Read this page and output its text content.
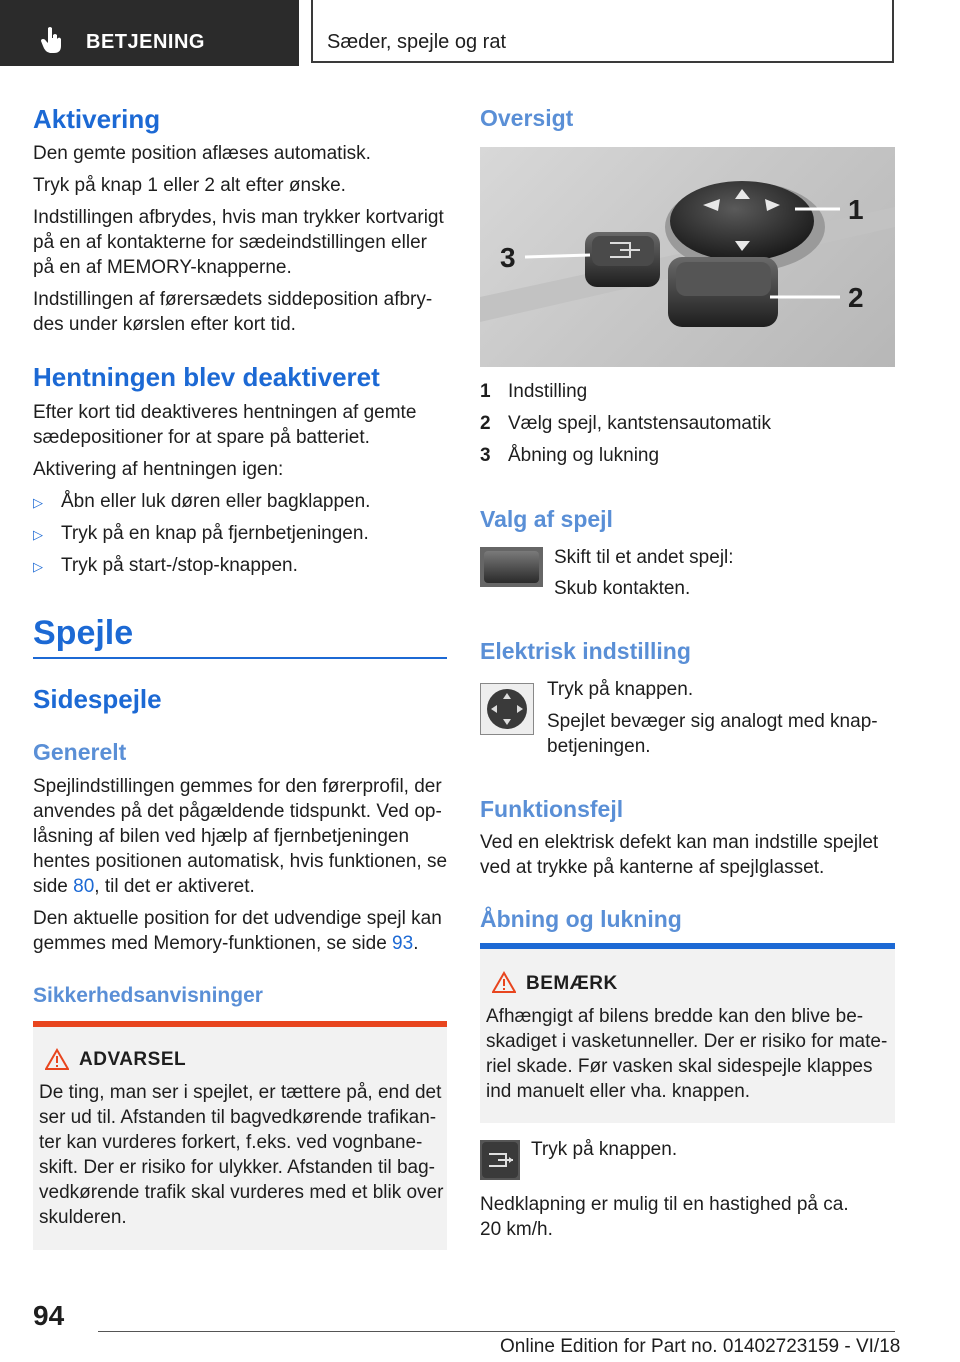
BETJENING	Sæder, spejle og rat
Aktivering
Den gemte position aflæses automatisk.
Tryk på knap 1 eller 2 alt efter ønske.
Indstillingen afbrydes, hvis man trykker kortvarigt
på en af kontakterne for sædeindstillingen eller
på en af MEMORY-knapperne.
Indstillingen af førersædets siddeposition afbry-
des under kørslen efter kort tid.
Hentningen blev deaktiveret
Efter kort tid deaktiveres hentningen af gemte
sædepositioner for at spare på batteriet.
Aktivering af hentningen igen:
▷ Åbn eller luk døren eller bagklappen.
▷ Tryk på en knap på fjernbetjeningen.
▷ Tryk på start-/stop-knappen.
Spejle
Sidespejle
Generelt
Spejlindstillingen gemmes for den førerprofil, der
anvendes på det pågældende tidspunkt. Ved op-
låsning af bilen ved hjælp af fjernbetjeningen
hentes positionen automatisk, hvis funktionen, se
side 80, til det er aktiveret.
Den aktuelle position for det udvendige spejl kan
gemmes med Memory-funktionen, se side 93.
Sikkerhedsanvisninger
ADVARSEL
De ting, man ser i spejlet, er tættere på, end det
ser ud til. Afstanden til bagvedkørende trafikan-
ter kan vurderes forkert, f.eks. ved vognbane-
skift. Der er risiko for ulykker. Afstanden til bag-
vedkørende trafik skal vurderes med et blik over
skulderen.
Oversigt
3
1
2
1 Indstilling
2 Vælg spejl, kantstensautomatik
3 Åbning og lukning
Valg af spejl
Skift til et andet spejl:
Skub kontakten.
Elektrisk indstilling
Tryk på knappen.
Spejlet bevæger sig analogt med knap-
betjeningen.
Funktionsfejl
Ved en elektrisk defekt kan man indstille spejlet
ved at trykke på kanterne af spejlglasset.
Åbning og lukning
BEMÆRK
Afhængigt af bilens bredde kan den blive be-
skadiget i vasketunneller. Der er risiko for mate-
riel skade. Før vasken skal sidespejle klappes
ind manuelt eller vha. knappen.
Tryk på knappen.
Nedklapning er mulig til en hastighed på ca.
20 km/h.
94
Online Edition for Part no. 01402723159 - VI/18
